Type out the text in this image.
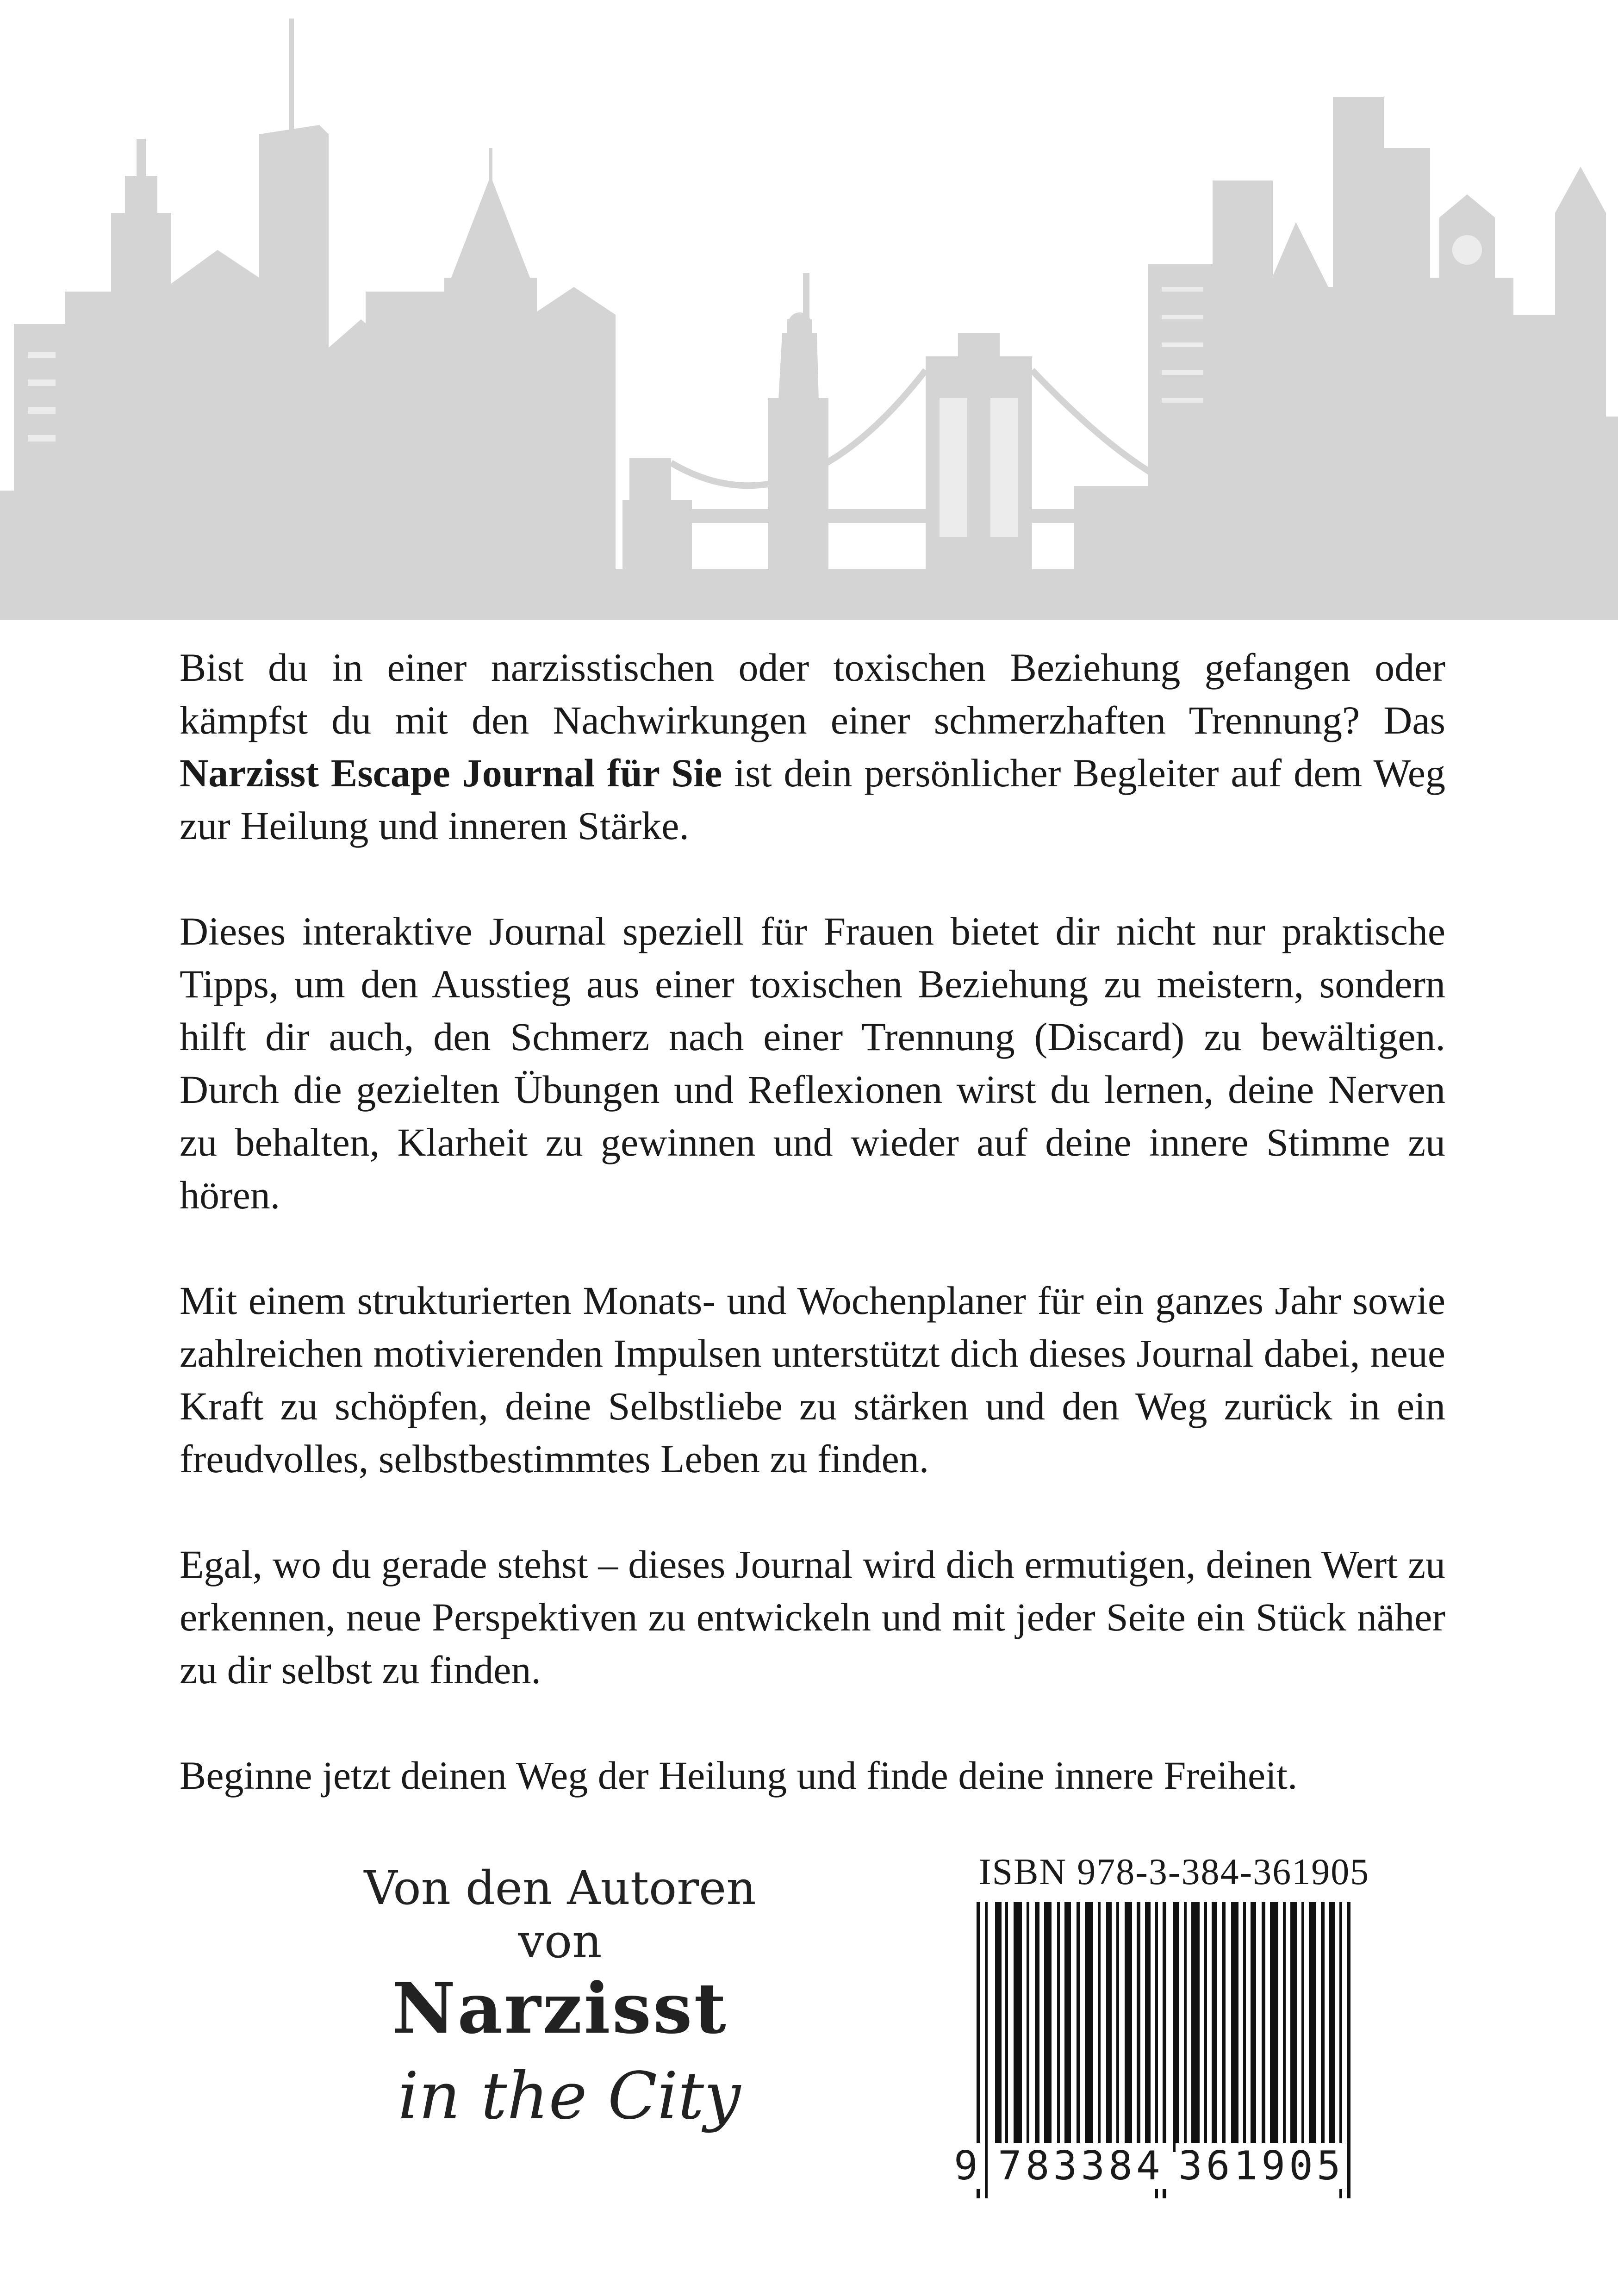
Bist du in einer narzisstischen oder toxischen Beziehung gefangen oder kämpfst du mit den Nachwirkungen einer schmerzhaften Trennung? Das Narzisst Escape Journal für Sie ist dein persönlicher Begleiter auf dem Weg zur Heilung und inneren Stärke.

Dieses interaktive Journal speziell für Frauen bietet dir nicht nur praktische Tipps, um den Ausstieg aus einer toxischen Beziehung zu meistern, sondern hilft dir auch, den Schmerz nach einer Trennung (Discard) zu bewältigen. Durch die gezielten Übungen und Reflexionen wirst du lernen, deine Nerven zu behalten, Klarheit zu gewinnen und wieder auf deine innere Stimme zu hören.

Mit einem strukturierten Monats- und Wochenplaner für ein ganzes Jahr sowie zahlreichen motivierenden Impulsen unterstützt dich dieses Journal dabei, neue Kraft zu schöpfen, deine Selbstliebe zu stärken und den Weg zurück in ein freudvolles, selbstbestimmtes Leben zu finden.

Egal, wo du gerade stehst – dieses Journal wird dich ermutigen, deinen Wert zu erkennen, neue Perspektiven zu entwickeln und mit jeder Seite ein Stück näher zu dir selbst zu finden.

Beginne jetzt deinen Weg der Heilung und finde deine innere Freiheit.

Von den Autoren
von
Narzisst
in the City
ISBN 978-3-384-361905
9 783384 361905
